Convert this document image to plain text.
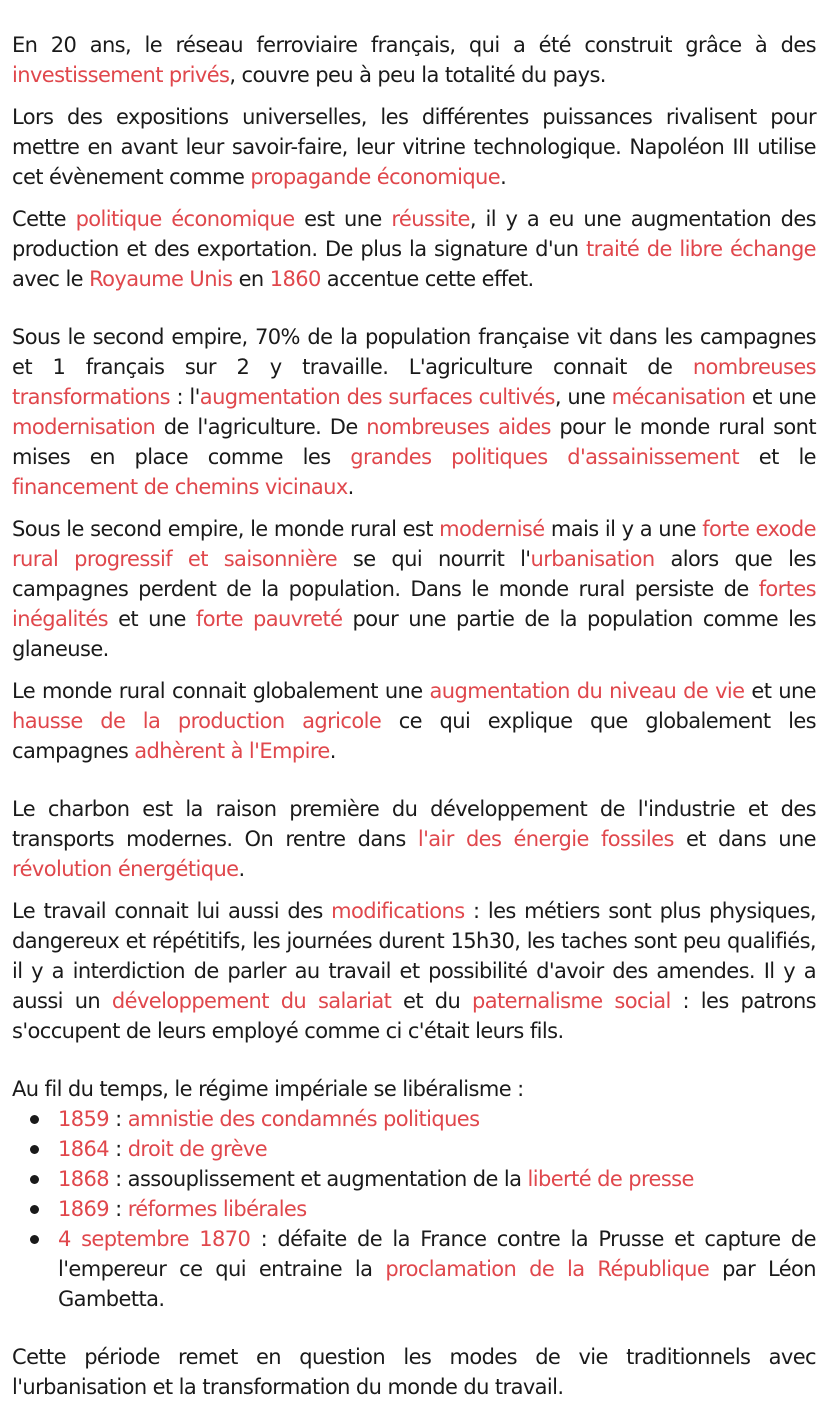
En 20 ans, le réseau ferroviaire français, qui a été construit grâce à des investissement privés, couvre peu à peu la totalité du pays.

Lors des expositions universelles, les différentes puissances rivalisent pour mettre en avant leur savoir-faire, leur vitrine technologique. Napoléon III utilise cet évènement comme propagande économique.

Cette politique économique est une réussite, il y a eu une augmentation des production et des exportation. De plus la signature d'un traité de libre échange avec le Royaume Unis en 1860 accentue cette effet.

Sous le second empire, 70% de la population française vit dans les campagnes et 1 français sur 2 y travaille. L'agriculture connait de nombreuses transformations : l'augmentation des surfaces cultivés, une mécanisation et une modernisation de l'agriculture. De nombreuses aides pour le monde rural sont mises en place comme les grandes politiques d'assainissement et le financement de chemins vicinaux.

Sous le second empire, le monde rural est modernisé mais il y a une forte exode rural progressif et saisonnière se qui nourrit l'urbanisation alors que les campagnes perdent de la population. Dans le monde rural persiste de fortes inégalités et une forte pauvreté pour une partie de la population comme les glaneuse.

Le monde rural connait globalement une augmentation du niveau de vie et une hausse de la production agricole ce qui explique que globalement les campagnes adhèrent à l'Empire.

Le charbon est la raison première du développement de l'industrie et des transports modernes. On rentre dans l'air des énergie fossiles et dans une révolution énergétique.

Le travail connait lui aussi des modifications : les métiers sont plus physiques, dangereux et répétitifs, les journées durent 15h30, les taches sont peu qualifiés, il y a interdiction de parler au travail et possibilité d'avoir des amendes. Il y a aussi un développement du salariat et du paternalisme social : les patrons s'occupent de leurs employé comme ci c'était leurs fils.

Au fil du temps, le régime impériale se libéralisme :

1859 : amnistie des condamnés politiques
1864 : droit de grève
1868 : assouplissement et augmentation de la liberté de presse
1869 : réformes libérales
4 septembre 1870 : défaite de la France contre la Prusse et capture de l'empereur ce qui entraine la proclamation de la République par Léon Gambetta.

Cette période remet en question les modes de vie traditionnels avec l'urbanisation et la transformation du monde du travail.
